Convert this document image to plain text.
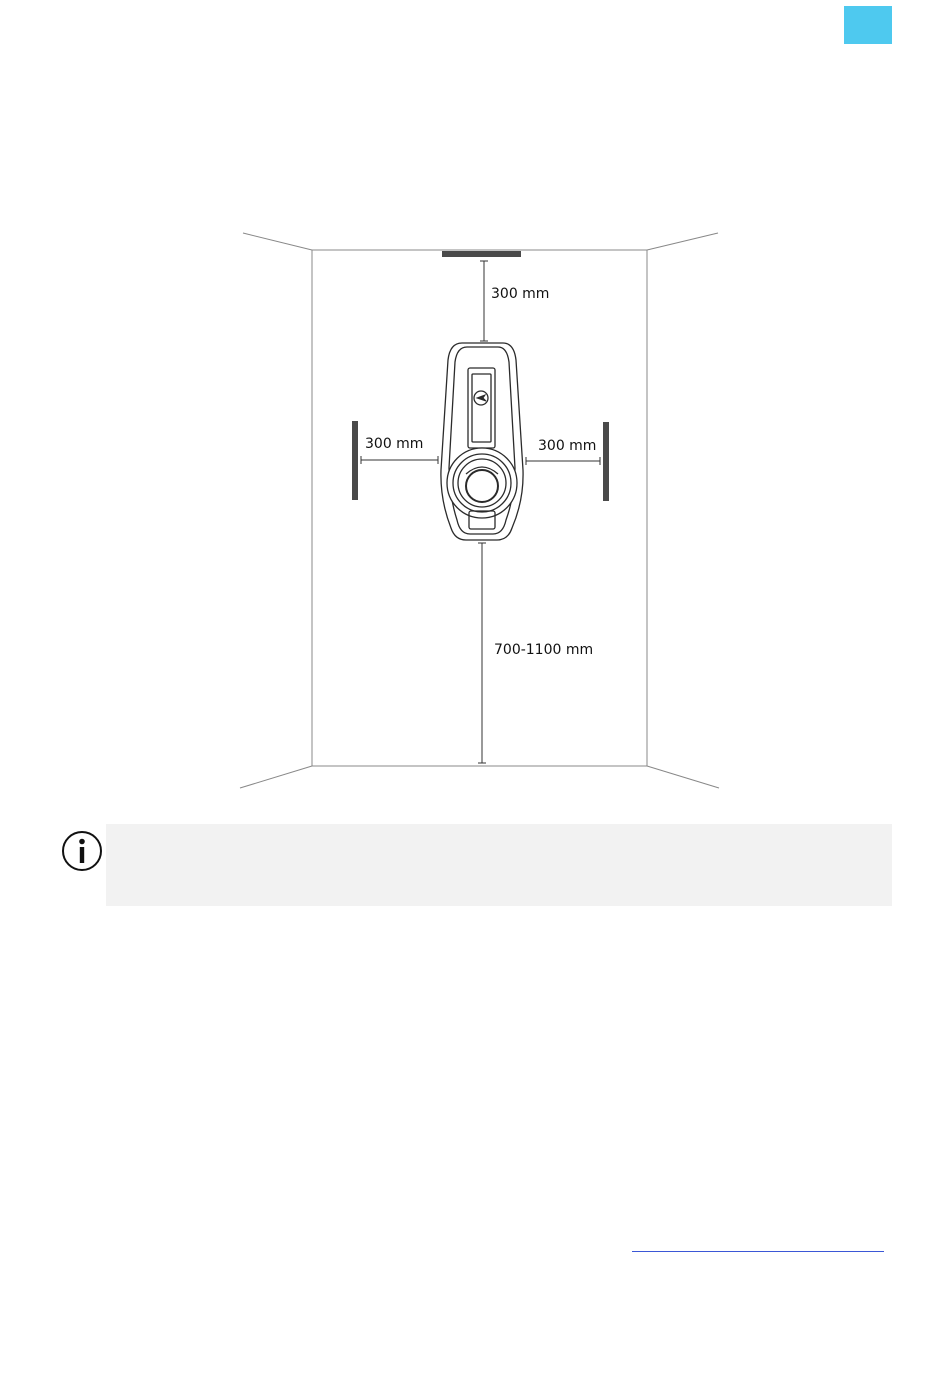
300 mm
300 mm	300 mm
700-1100 mm
